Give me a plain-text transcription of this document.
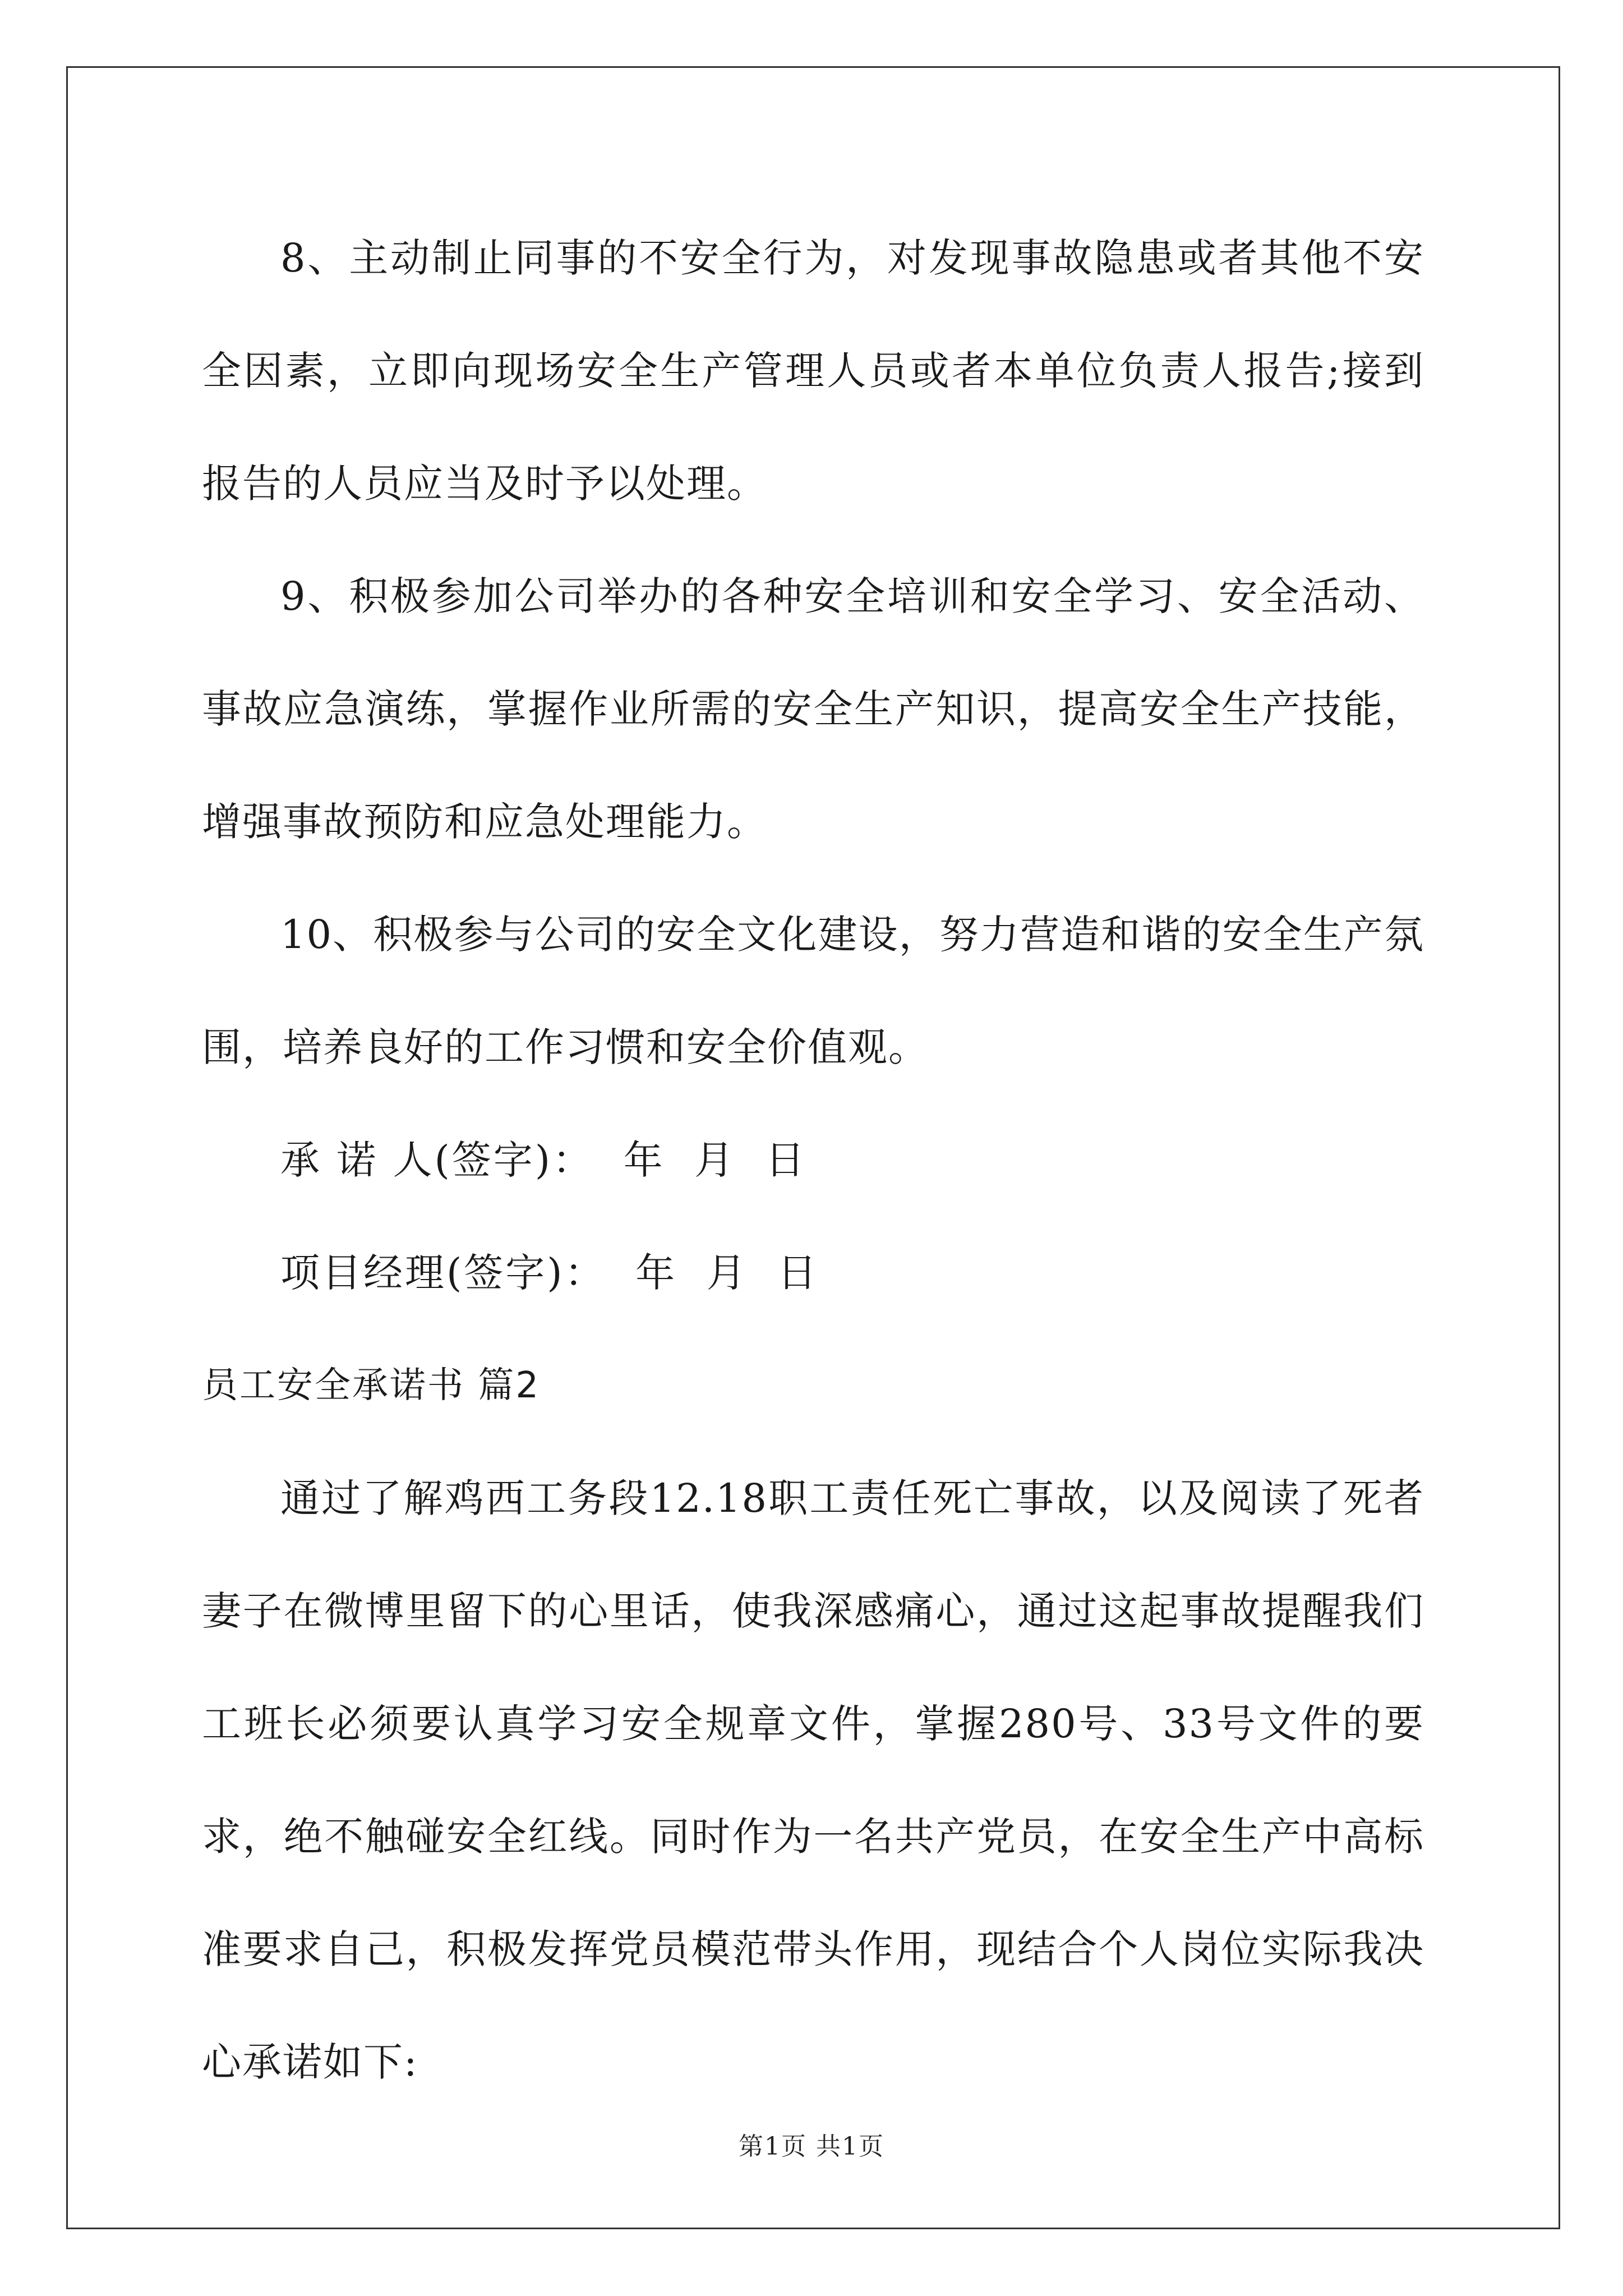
8、主动制止同事的不安全行为，对发现事故隐患或者其他不安全因素，立即向现场安全生产管理人员或者本单位负责人报告;接到报告的人员应当及时予以处理。

9、积极参加公司举办的各种安全培训和安全学习、安全活动、事故应急演练，掌握作业所需的安全生产知识，提高安全生产技能，增强事故预防和应急处理能力。

10、积极参与公司的安全文化建设，努力营造和谐的安全生产氛围，培养良好的工作习惯和安全价值观。

承 诺 人(签字)：  年  月  日

项目经理(签字)：  年  月  日

员工安全承诺书 篇2

通过了解鸡西工务段12.18职工责任死亡事故，以及阅读了死者妻子在微博里留下的心里话，使我深感痛心，通过这起事故提醒我们工班长必须要认真学习安全规章文件，掌握280号、33号文件的要求，绝不触碰安全红线。同时作为一名共产党员，在安全生产中高标准要求自己，积极发挥党员模范带头作用，现结合个人岗位实际我决心承诺如下:

第1页 共1页
